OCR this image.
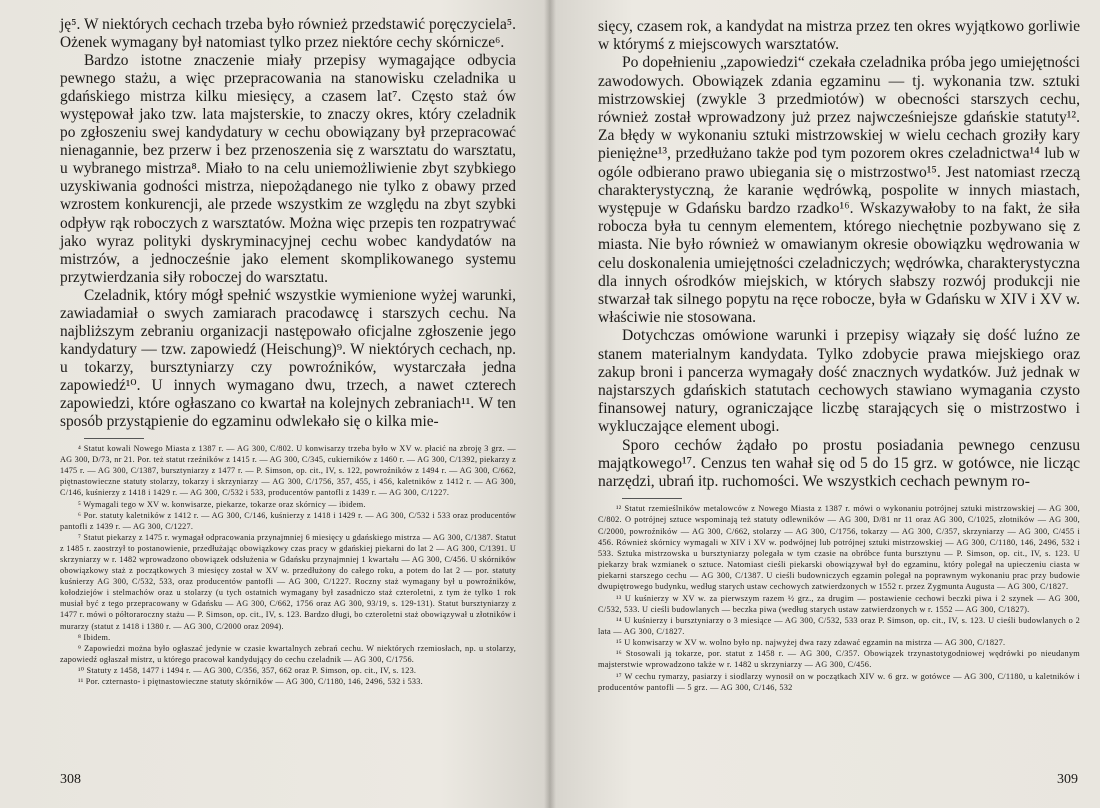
ję⁵. W niektórych cechach trzeba było również przedstawić poręczyciela⁵. Ożenek wymagany był natomiast tylko przez niektóre cechy skórnicze⁶.

Bardzo istotne znaczenie miały przepisy wymagające odbycia pewnego stażu, a więc przepracowania na stanowisku czeladnika u gdańskiego mistrza kilku miesięcy, a czasem lat⁷. Często staż ów występował jako tzw. lata majsterskie, to znaczy okres, który czeladnik po zgłoszeniu swej kandydatury w cechu obowiązany był przepracować nienagannie, bez przerw i bez przenoszenia się z warsztatu do warsztatu, u wybranego mistrza⁸. Miało to na celu uniemożliwienie zbyt szybkiego uzyskiwania godności mistrza, niepożądanego nie tylko z obawy przed wzrostem konkurencji, ale przede wszystkim ze względu na zbyt szybki odpływ rąk roboczych z warsztatów. Można więc przepis ten rozpatrywać jako wyraz polityki dyskryminacyjnej cechu wobec kandydatów na mistrzów, a jednocześnie jako element skomplikowanego systemu przytwierdzania siły roboczej do warsztatu.

Czeladnik, który mógł spełnić wszystkie wymienione wyżej warunki, zawiadamiał o swych zamiarach pracodawcę i starszych cechu. Na najbliższym zebraniu organizacji następowało oficjalne zgłoszenie jego kandydatury — tzw. zapowiedź (Heischung)⁹. W niektórych cechach, np. u tokarzy, bursztyniarzy czy powroźników, wystarczała jedna zapowiedź¹⁰. U innych wymagano dwu, trzech, a nawet czterech zapowiedzi, które ogłaszano co kwartał na kolejnych zebraniach¹¹. W ten sposób przystąpienie do egzaminu odwlekało się o kilka mie-

⁴ Statut kowali Nowego Miasta z 1387 r. — AG 300, C/802. U konwisarzy trzeba było w XV w. płacić na zbroję 3 grz. — AG 300, D/73, nr 21. Por. też statut rzeźników z 1415 r. — AG 300, C/345, cukierników z 1460 r. — AG 300, C/1392, piekarzy z 1475 r. — AG 300, C/1387, bursztyniarzy z 1477 r. — P. Simson, op. cit., IV, s. 122, powroźników z 1494 r. — AG 300, C/662, piętnastowieczne statuty stolarzy, tokarzy i skrzyniarzy — AG 300, C/1756, 357, 455, i 456, kaletników z 1412 r. — AG 300, C/146, kuśnierzy z 1418 i 1429 r. — AG 300, C/532 i 533, producentów pantofli z 1439 r. — AG 300, C/1227.

⁵ Wymagali tego w XV w. konwisarze, piekarze, tokarze oraz skórnicy — ibidem.

⁶ Por. statuty kaletników z 1412 r. — AG 300, C/146, kuśnierzy z 1418 i 1429 r. — AG 300, C/532 i 533 oraz producentów pantofli z 1439 r. — AG 300, C/1227.

⁷ Statut piekarzy z 1475 r. wymagał odpracowania przynajmniej 6 miesięcy u gdańskiego mistrza — AG 300, C/1387. Statut z 1485 r. zaostrzył to postanowienie, przedłużając obowiązkowy czas pracy w gdańskiej piekarni do lat 2 — AG 300, C/1391. U skrzyniarzy w r. 1482 wprowadzono obowiązek odsłużenia w Gdańsku przynajmniej 1 kwartału — AG 300, C/456. U skórników obowiązkowy staż z początkowych 3 miesięcy został w XV w. przedłużony do całego roku, a potem do lat 2 — por. statuty kuśnierzy AG 300, C/532, 533, oraz producentów pantofli — AG 300, C/1227. Roczny staż wymagany był u powroźników, kołodziejów i stelmachów oraz u stolarzy (u tych ostatnich wymagany był zasadniczo staż czteroletni, z tym że tylko 1 rok musiał być z tego przepracowany w Gdańsku — AG 300, C/662, 1756 oraz AG 300, 93/19, s. 129-131). Statut bursztyniarzy z 1477 r. mówi o półtoraroczny stażu — P. Simson, op. cit., IV, s. 123. Bardzo długi, bo czteroletni staż obowiązywał u złotników i murarzy (statut z 1418 i 1380 r. — AG 300, C/2000 oraz 2094).

⁸ Ibidem.

⁹ Zapowiedzi można było ogłaszać jedynie w czasie kwartalnych zebrań cechu. W niektórych rzemiosłach, np. u stolarzy, zapowiedź ogłaszał mistrz, u którego pracował kandydujący do cechu czeladnik — AG 300, C/1756.

¹⁰ Statuty z 1458, 1477 i 1494 r. — AG 300, C/356, 357, 662 oraz P. Simson, op. cit., IV, s. 123.

¹¹ Por. czternasto- i piętnastowieczne statuty skórników — AG 300, C/1180, 146, 2496, 532 i 533.

308

sięcy, czasem rok, a kandydat na mistrza przez ten okres wyjątkowo gorliwie w którymś z miejscowych warsztatów.

Po dopełnieniu „zapowiedzi“ czekała czeladnika próba jego umiejętności zawodowych. Obowiązek zdania egzaminu — tj. wykonania tzw. sztuki mistrzowskiej (zwykle 3 przedmiotów) w obecności starszych cechu, również został wprowadzony już przez najwcześniejsze gdańskie statuty¹². Za błędy w wykonaniu sztuki mistrzowskiej w wielu cechach groziły kary pieniężne¹³, przedłużano także pod tym pozorem okres czeladnictwa¹⁴ lub w ogóle odbierano prawo ubiegania się o mistrzostwo¹⁵. Jest natomiast rzeczą charakterystyczną, że karanie wędrówką, pospolite w innych miastach, występuje w Gdańsku bardzo rzadko¹⁶. Wskazywałoby to na fakt, że siła robocza była tu cennym elementem, którego niechętnie pozbywano się z miasta. Nie było również w omawianym okresie obowiązku wędrowania w celu doskonalenia umiejętności czeladniczych; wędrówka, charakterystyczna dla innych ośrodków miejskich, w których słabszy rozwój produkcji nie stwarzał tak silnego popytu na ręce robocze, była w Gdańsku w XIV i XV w. właściwie nie stosowana.

Dotychczas omówione warunki i przepisy wiązały się dość luźno ze stanem materialnym kandydata. Tylko zdobycie prawa miejskiego oraz zakup broni i pancerza wymagały dość znacznych wydatków. Już jednak w najstarszych gdańskich statutach cechowych stawiano wymagania czysto finansowej natury, ograniczające liczbę starających się o mistrzostwo i wykluczające element ubogi.

Sporo cechów żądało po prostu posiadania pewnego cenzusu majątkowego¹⁷. Cenzus ten wahał się od 5 do 15 grz. w gotówce, nie licząc narzędzi, ubrań itp. ruchomości. We wszystkich cechach pewnym ro-

¹² Statut rzemieślników metalowców z Nowego Miasta z 1387 r. mówi o wykonaniu potrójnej sztuki mistrzowskiej — AG 300, C/802. O potrójnej sztuce wspominają też statuty odlewników — AG 300, D/81 nr 11 oraz AG 300, C/1025, złotników — AG 300, C/2000, powroźników — AG 300, C/662, stolarzy — AG 300, C/1756, tokarzy — AG 300, C/357, skrzyniarzy — AG 300, C/455 i 456. Również skórnicy wymagali w XIV i XV w. podwójnej lub potrójnej sztuki mistrzowskiej — AG 300, C/1180, 146, 2496, 532 i 533. Sztuka mistrzowska u bursztyniarzy polegała w tym czasie na obróbce funta bursztynu — P. Simson, op. cit., IV, s. 123. U piekarzy brak wzmianek o sztuce. Natomiast cieśli piekarski obowiązywał był do egzaminu, który polegał na upieczeniu ciasta w piekarni starszego cechu — AG 300, C/1387. U cieśli budowniczych egzamin polegał na poprawnym wykonaniu prac przy budowie dwupiętrowego budynku, według starych ustaw cechowych zatwierdzonych w 1552 r. przez Zygmunta Augusta — AG 300, C/1827.

¹³ U kuśnierzy w XV w. za pierwszym razem ½ grz., za drugim — postawienie cechowi beczki piwa i 2 szynek — AG 300, C/532, 533. U cieśli budowlanych — beczka piwa (według starych ustaw zatwierdzonych w r. 1552 — AG 300, C/1827).

¹⁴ U kuśnierzy i bursztyniarzy o 3 miesiące — AG 300, C/532, 533 oraz P. Simson, op. cit., IV, s. 123. U cieśli budowlanych o 2 lata — AG 300, C/1827.

¹⁵ U konwisarzy w XV w. wolno było np. najwyżej dwa razy zdawać egzamin na mistrza — AG 300, C/1827.

¹⁶ Stosowali ją tokarze, por. statut z 1458 r. — AG 300, C/357. Obowiązek trzynastotygodniowej wędrówki po nieudanym majsterstwie wprowadzono także w r. 1482 u skrzyniarzy — AG 300, C/456.

¹⁷ W cechu rymarzy, pasiarzy i siodlarzy wynosił on w początkach XIV w. 6 grz. w gotówce — AG 300, C/1180, u kaletników i producentów pantofli — 5 grz. — AG 300, C/146, 532

309
